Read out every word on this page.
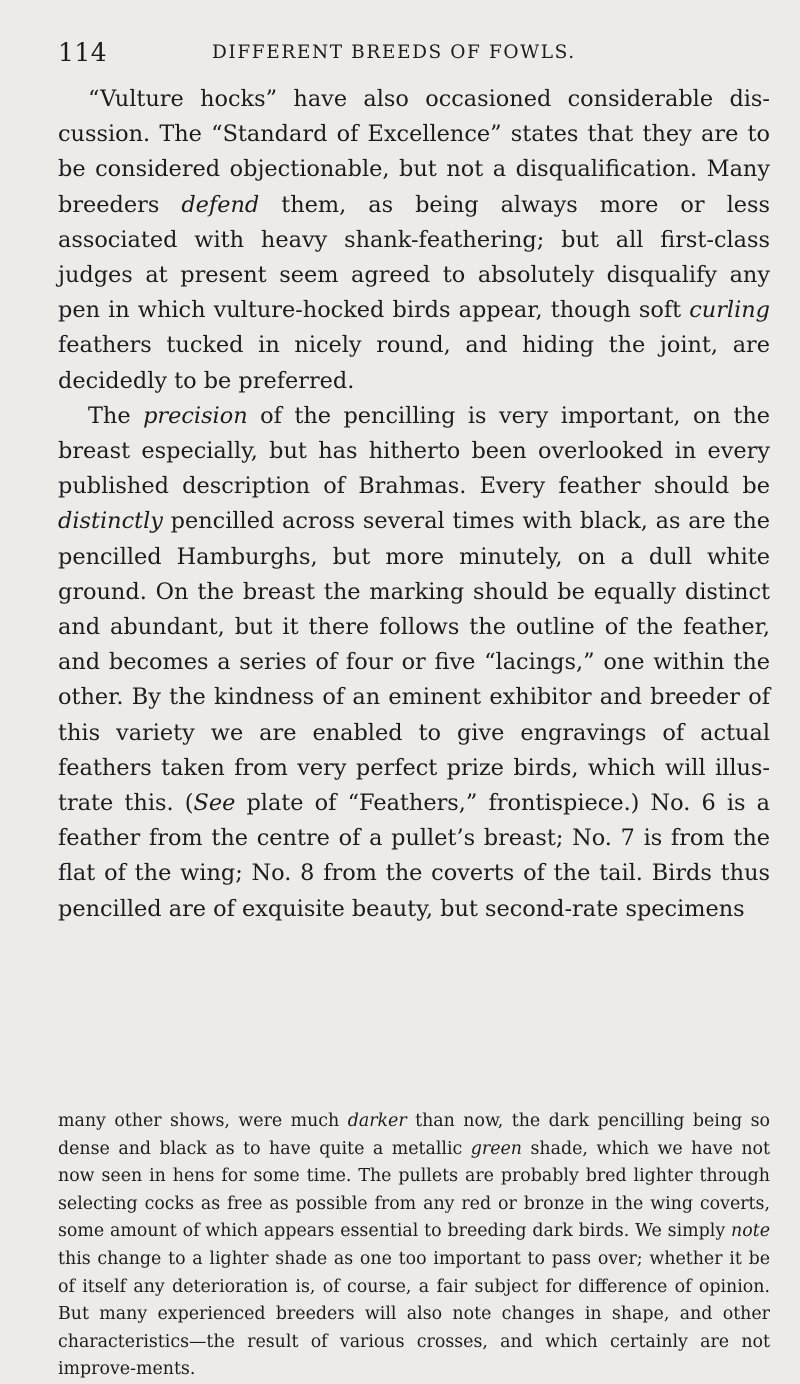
114	DIFFERENT BREEDS OF FOWLS.

“Vulture hocks” have also occasioned considerable dis-cussion. The “Standard of Excellence” states that they are to be considered objectionable, but not a disqualification. Many breeders defend them, as being always more or less associated with heavy shank-feathering; but all first-class judges at present seem agreed to absolutely disqualify any pen in which vulture-hocked birds appear, though soft curling feathers tucked in nicely round, and hiding the joint, are decidedly to be preferred.

The precision of the pencilling is very important, on the breast especially, but has hitherto been overlooked in every published description of Brahmas. Every feather should be distinctly pencilled across several times with black, as are the pencilled Hamburghs, but more minutely, on a dull white ground. On the breast the marking should be equally distinct and abundant, but it there follows the outline of the feather, and becomes a series of four or five “lacings,” one within the other. By the kindness of an eminent exhibitor and breeder of this variety we are enabled to give engravings of actual feathers taken from very perfect prize birds, which will illus-trate this. (See plate of “Feathers,” frontispiece.) No. 6 is a feather from the centre of a pullet’s breast; No. 7 is from the flat of the wing; No. 8 from the coverts of the tail. Birds thus pencilled are of exquisite beauty, but second-rate specimens

many other shows, were much darker than now, the dark pencilling being so dense and black as to have quite a metallic green shade, which we have not now seen in hens for some time. The pullets are probably bred lighter through selecting cocks as free as possible from any red or bronze in the wing coverts, some amount of which appears essential to breeding dark birds. We simply note this change to a lighter shade as one too important to pass over; whether it be of itself any deterioration is, of course, a fair subject for difference of opinion. But many experienced breeders will also note changes in shape, and other characteristics—the result of various crosses, and which certainly are not improve-ments.
